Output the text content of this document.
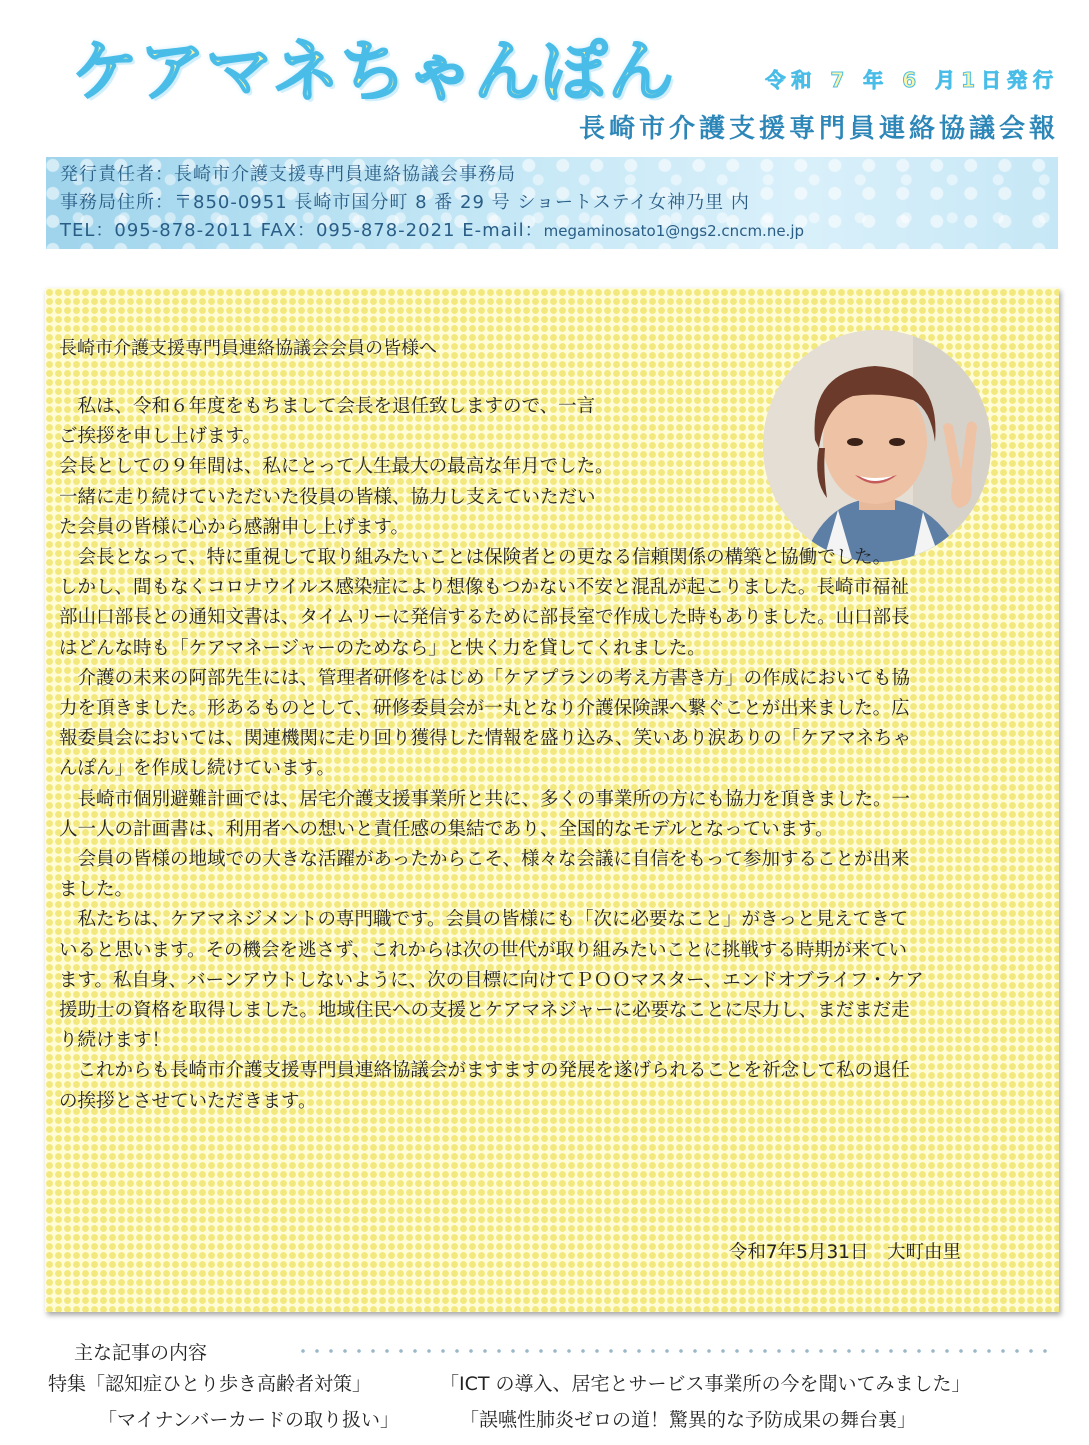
ケアマネちゃんぽん	令和 7 年 6 月1日発行
長崎市介護支援専門員連絡協議会報
発行責任者：長崎市介護支援専門員連絡協議会事務局
事務局住所：〒850-0951 長崎市国分町 8 番 29 号 ショートステイ女神乃里 内
TEL：095-878-2011 FAX：095-878-2021 E-mail：megaminosato1@ngs2.cncm.ne.jp
長崎市介護支援専門員連絡協議会会員の皆様へ

　私は、令和６年度をもちまして会長を退任致しますので、一言

ご挨拶を申し上げます。

会長としての９年間は、私にとって人生最大の最高な年月でした。

一緒に走り続けていただいた役員の皆様、協力し支えていただい

た会員の皆様に心から感謝申し上げます。

　会長となって、特に重視して取り組みたいことは保険者との更なる信頼関係の構築と協働でした。

しかし、間もなくコロナウイルス感染症により想像もつかない不安と混乱が起こりました。長崎市福祉

部山口部長との通知文書は、タイムリーに発信するために部長室で作成した時もありました。山口部長

はどんな時も「ケアマネージャーのためなら」と快く力を貸してくれました。

　介護の未来の阿部先生には、管理者研修をはじめ「ケアプランの考え方書き方」の作成においても協

力を頂きました。形あるものとして、研修委員会が一丸となり介護保険課へ繋ぐことが出来ました。広

報委員会においては、関連機関に走り回り獲得した情報を盛り込み、笑いあり涙ありの「ケアマネちゃ

んぽん」を作成し続けています。

　長崎市個別避難計画では、居宅介護支援事業所と共に、多くの事業所の方にも協力を頂きました。一

人一人の計画書は、利用者への想いと責任感の集結であり、全国的なモデルとなっています。

　会員の皆様の地域での大きな活躍があったからこそ、様々な会議に自信をもって参加することが出来

ました。

　私たちは、ケアマネジメントの専門職です。会員の皆様にも「次に必要なこと」がきっと見えてきて

いると思います。その機会を逃さず、これからは次の世代が取り組みたいことに挑戦する時期が来てい

ます。私自身、バーンアウトしないように、次の目標に向けてＰＯＯマスター、エンドオブライフ・ケア

援助士の資格を取得しました。地域住民への支援とケアマネジャーに必要なことに尽力し、まだまだ走

り続けます！

　これからも長崎市介護支援専門員連絡協議会がますますの発展を遂げられることを祈念して私の退任

の挨拶とさせていただきます。

令和7年5月31日　大町由里
主な記事の内容
特集「認知症ひとり歩き高齢者対策」	「ICT の導入、居宅とサービス事業所の今を聞いてみました」
「マイナンバーカードの取り扱い」	「誤嚥性肺炎ゼロの道！驚異的な予防成果の舞台裏」
